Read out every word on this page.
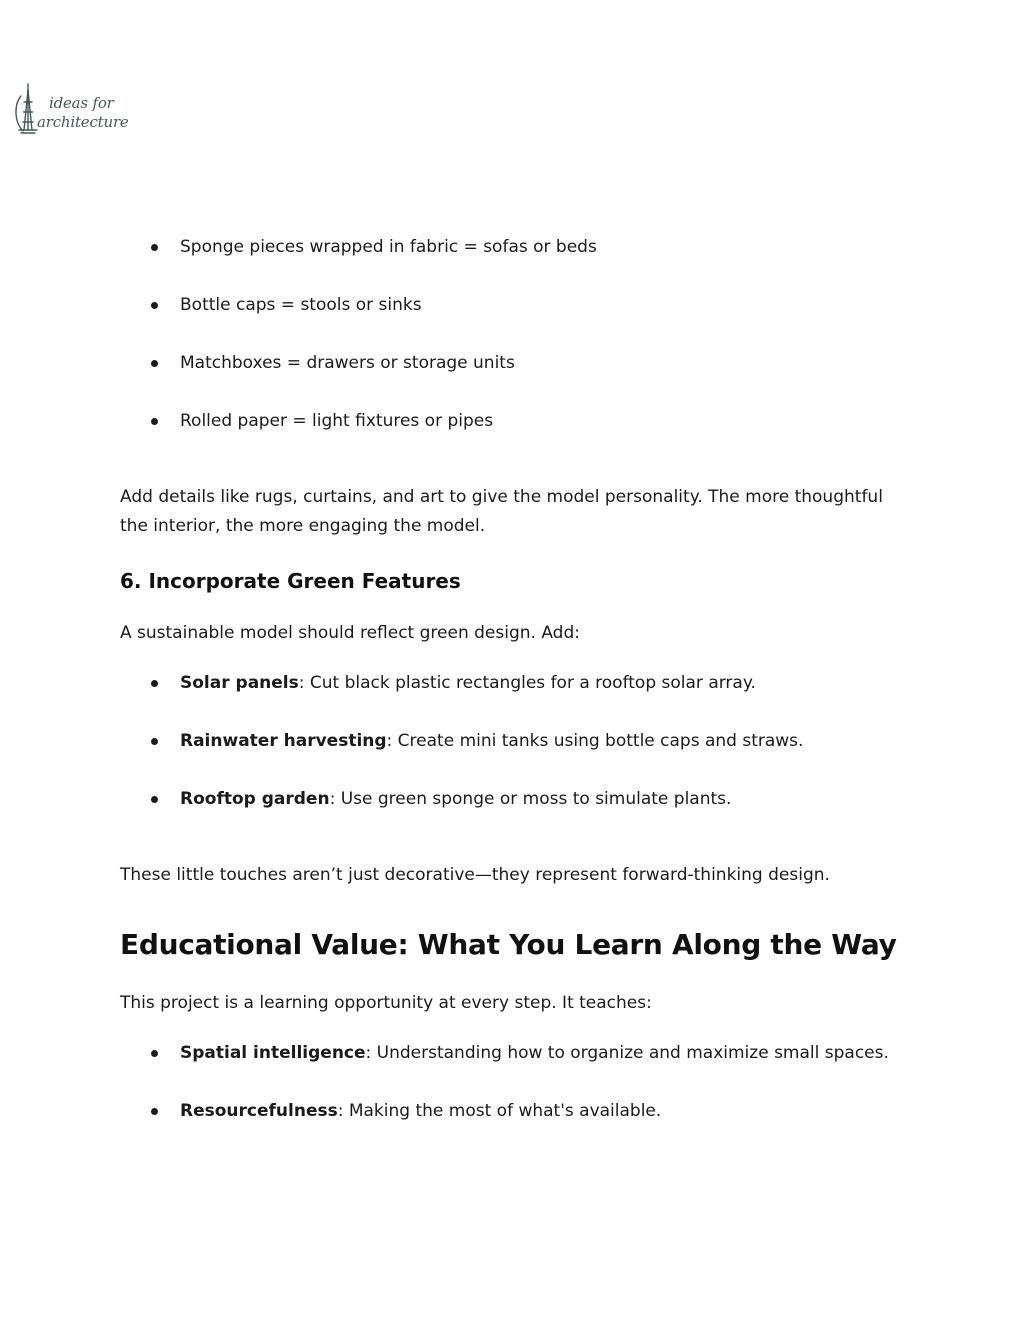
ideas for
architecture
Sponge pieces wrapped in fabric = sofas or beds
Bottle caps = stools or sinks
Matchboxes = drawers or storage units
Rolled paper = light fixtures or pipes

Add details like rugs, curtains, and art to give the model personality. The more thoughtful the interior, the more engaging the model.

6. Incorporate Green Features

A sustainable model should reflect green design. Add:

Solar panels: Cut black plastic rectangles for a rooftop solar array.
Rainwater harvesting: Create mini tanks using bottle caps and straws.
Rooftop garden: Use green sponge or moss to simulate plants.

These little touches aren’t just decorative—they represent forward-thinking design.

Educational Value: What You Learn Along the Way

This project is a learning opportunity at every step. It teaches:

Spatial intelligence: Understanding how to organize and maximize small spaces.
Resourcefulness: Making the most of what's available.
